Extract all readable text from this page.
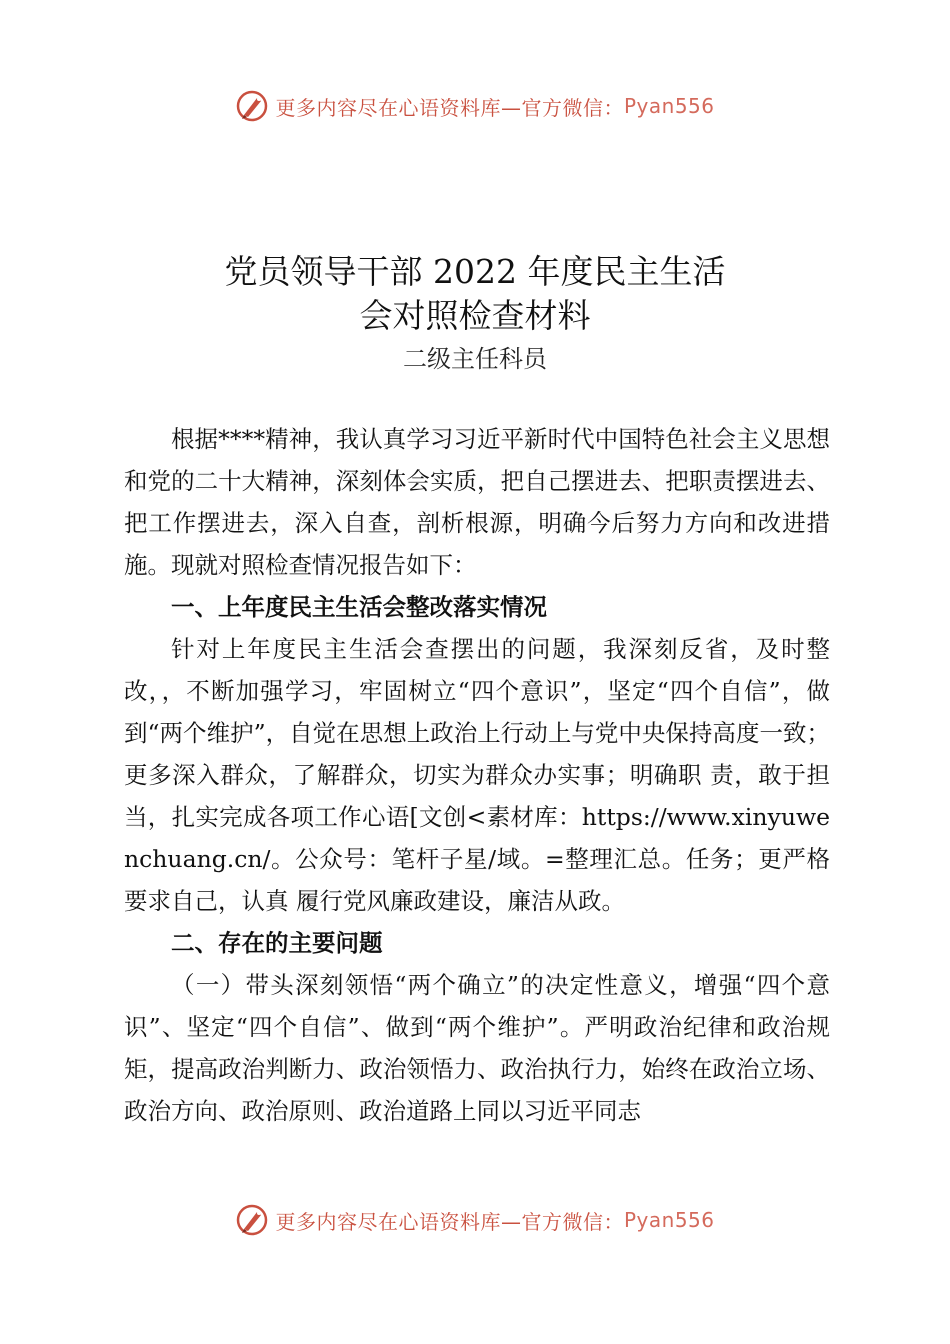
更多内容尽在心语资料库—官方微信： Pyan556
党员领导干部 2022 年度民主生活
会对照检查材料
二级主任科员

根据****精神，我认真学习习近平新时代中国特色社会主义思想和党的二十大精神，深刻体会实质，把自己摆进去、把职责摆进去、把工作摆进去，深入自查，剖析根源，明确今后努力方向和改进措施。现就对照检查情况报告如下：

一、上年度民主生活会整改落实情况

针对上年度民主生活会查摆出的问题，我深刻反省，及时整改，，不断加强学习，牢固树立“四个意识”，坚定“四个自信”，做到“两个维护”，自觉在思想上政治上行动上与党中央保持高度一致；更多深入群众，了解群众，切实为群众办实事；明确职 责，敢于担当，扎实完成各项工作心语[文创<素材库：https://www.xinyuwenchuang.cn/。公众号：笔杆子星/域。=整理汇总。任务；更严格要求自己，认真 履行党风廉政建设，廉洁从政。

二、存在的主要问题

（一）带头深刻领悟“两个确立”的决定性意义，增强“四个意识”、坚定“四个自信”、做到“两个维护”。严明政治纪律和政治规矩，提高政治判断力、政治领悟力、政治执行力，始终在政治立场、政治方向、政治原则、政治道路上同以习近平同志

更多内容尽在心语资料库—官方微信： Pyan556
